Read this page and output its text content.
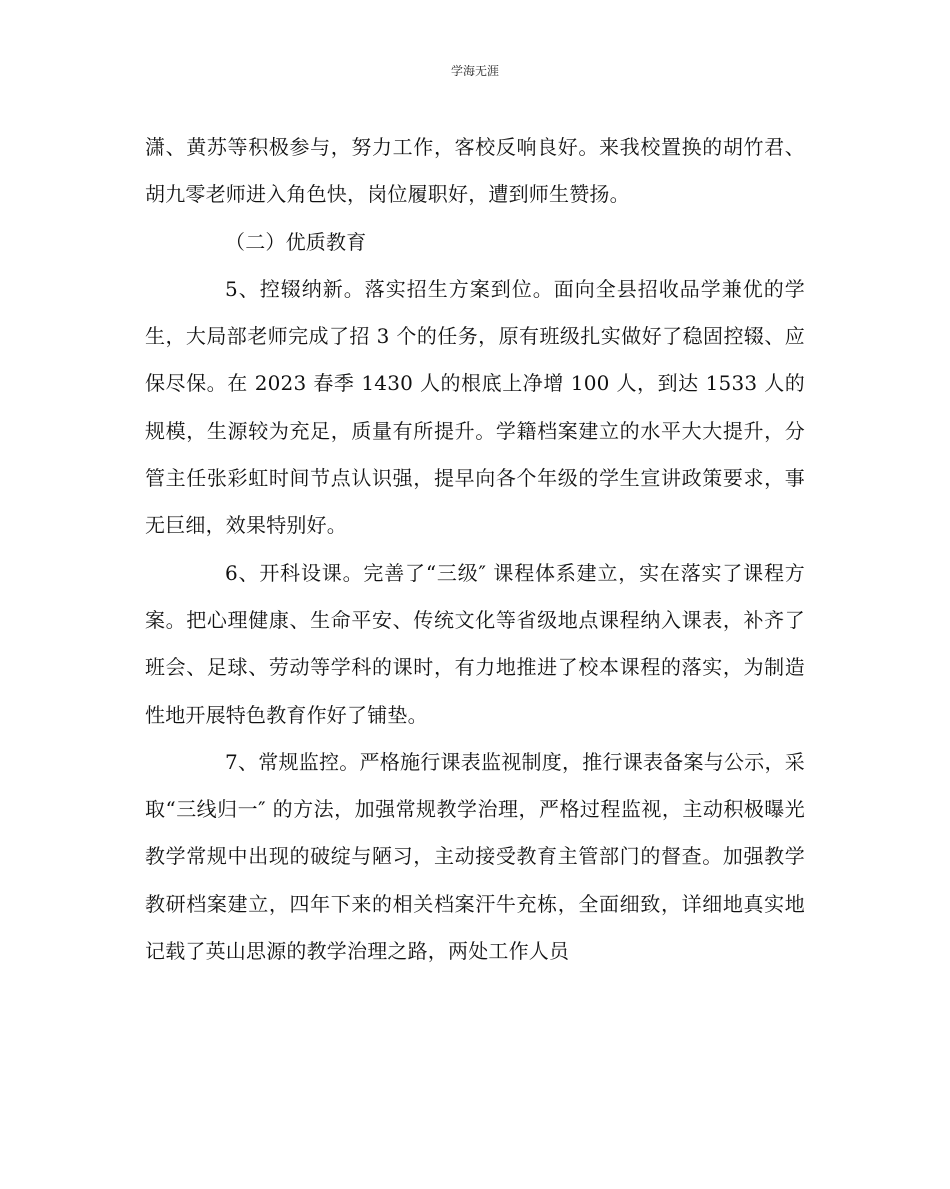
学海无涯

潇、黄苏等积极参与，努力工作，客校反响良好。来我校置换的胡竹君、胡九零老师进入角色快，岗位履职好，遭到师生赞扬。

（二）优质教育

5、控辍纳新。落实招生方案到位。面向全县招收品学兼优的学生，大局部老师完成了招 3 个的任务，原有班级扎实做好了稳固控辍、应保尽保。在 2023 春季 1430 人的根底上净增 100 人，到达 1533 人的规模，生源较为充足，质量有所提升。学籍档案建立的水平大大提升，分管主任张彩虹时间节点认识强，提早向各个年级的学生宣讲政策要求，事无巨细，效果特别好。

6、开科设课。完善了“三级″ 课程体系建立，实在落实了课程方案。把心理健康、生命平安、传统文化等省级地点课程纳入课表，补齐了班会、足球、劳动等学科的课时，有力地推进了校本课程的落实，为制造性地开展特色教育作好了铺垫。

7、常规监控。严格施行课表监视制度，推行课表备案与公示，采取“三线归一″ 的方法，加强常规教学治理，严格过程监视，主动积极曝光教学常规中出现的破绽与陋习，主动接受教育主管部门的督查。加强教学教研档案建立，四年下来的相关档案汗牛充栋，全面细致，详细地真实地记载了英山思源的教学治理之路，两处工作人员
